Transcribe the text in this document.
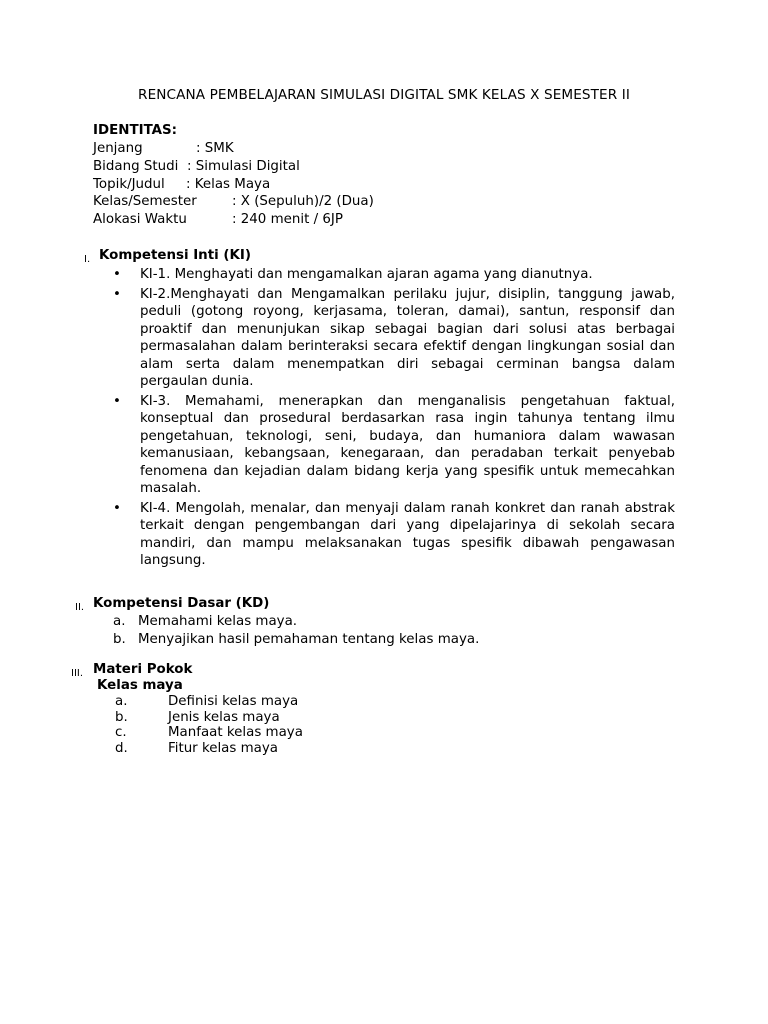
RENCANA PEMBELAJARAN SIMULASI DIGITAL SMK KELAS X SEMESTER II
IDENTITAS:
Jenjang	: SMK
Bidang Studi : Simulasi Digital
Topik/Judul : Kelas Maya
Kelas/Semester	: X (Sepuluh)/2 (Dua)
Alokasi Waktu	: 240 menit / 6JP
I. Kompetensi Inti (KI)
• KI-1. Menghayati dan mengamalkan ajaran agama yang dianutnya.
• KI-2.Menghayati dan Mengamalkan perilaku jujur, disiplin, tanggung jawab, peduli (gotong royong, kerjasama, toleran, damai), santun, responsif dan proaktif dan menunjukan sikap sebagai bagian dari solusi atas berbagai permasalahan dalam berinteraksi secara efektif dengan lingkungan sosial dan alam serta dalam menempatkan diri sebagai cerminan bangsa dalam pergaulan dunia.
• KI-3. Memahami, menerapkan dan menganalisis pengetahuan faktual, konseptual dan prosedural berdasarkan rasa ingin tahunya tentang ilmu pengetahuan, teknologi, seni, budaya, dan humaniora dalam wawasan kemanusiaan, kebangsaan, kenegaraan, dan peradaban terkait penyebab fenomena dan kejadian dalam bidang kerja yang spesifik untuk memecahkan masalah.
• KI-4. Mengolah, menalar, dan menyaji dalam ranah konkret dan ranah abstrak terkait dengan pengembangan dari yang dipelajarinya di sekolah secara mandiri, dan mampu melaksanakan tugas spesifik dibawah pengawasan langsung.
II. Kompetensi Dasar (KD)
a. Memahami kelas maya.
b. Menyajikan hasil pemahaman tentang kelas maya.
III. Materi Pokok
Kelas maya
a.	Definisi kelas maya
b.	Jenis kelas maya
c.	Manfaat kelas maya
d.	Fitur kelas maya
